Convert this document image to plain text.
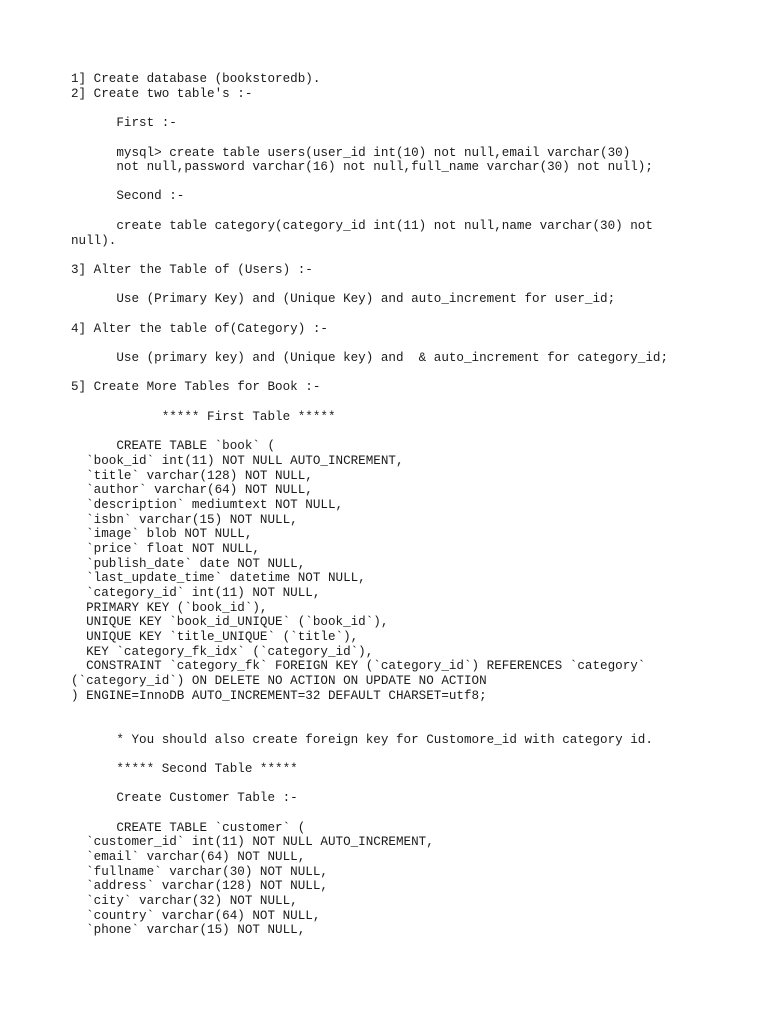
1] Create database (bookstoredb).

2] Create two table's :-

First :-

mysql> create table users(user_id int(10) not null,email varchar(30)

not null,password varchar(16) not null,full_name varchar(30) not null);

Second :-

create table category(category_id int(11) not null,name varchar(30) not

null).

3] Alter the Table of (Users) :-

Use (Primary Key) and (Unique Key) and auto_increment for user_id;

4] Alter the table of(Category) :-

Use (primary key) and (Unique key) and  & auto_increment for category_id;

5] Create More Tables for Book :-

***** First Table *****

CREATE TABLE `book` (

`book_id` int(11) NOT NULL AUTO_INCREMENT,

`title` varchar(128) NOT NULL,

`author` varchar(64) NOT NULL,

`description` mediumtext NOT NULL,

`isbn` varchar(15) NOT NULL,

`image` blob NOT NULL,

`price` float NOT NULL,

`publish_date` date NOT NULL,

`last_update_time` datetime NOT NULL,

`category_id` int(11) NOT NULL,

PRIMARY KEY (`book_id`),

UNIQUE KEY `book_id_UNIQUE` (`book_id`),

UNIQUE KEY `title_UNIQUE` (`title`),

KEY `category_fk_idx` (`category_id`),

CONSTRAINT `category_fk` FOREIGN KEY (`category_id`) REFERENCES `category`

(`category_id`) ON DELETE NO ACTION ON UPDATE NO ACTION

) ENGINE=InnoDB AUTO_INCREMENT=32 DEFAULT CHARSET=utf8;

* You should also create foreign key for Customore_id with category id.

***** Second Table *****

Create Customer Table :-

CREATE TABLE `customer` (

`customer_id` int(11) NOT NULL AUTO_INCREMENT,

`email` varchar(64) NOT NULL,

`fullname` varchar(30) NOT NULL,

`address` varchar(128) NOT NULL,

`city` varchar(32) NOT NULL,

`country` varchar(64) NOT NULL,

`phone` varchar(15) NOT NULL,
